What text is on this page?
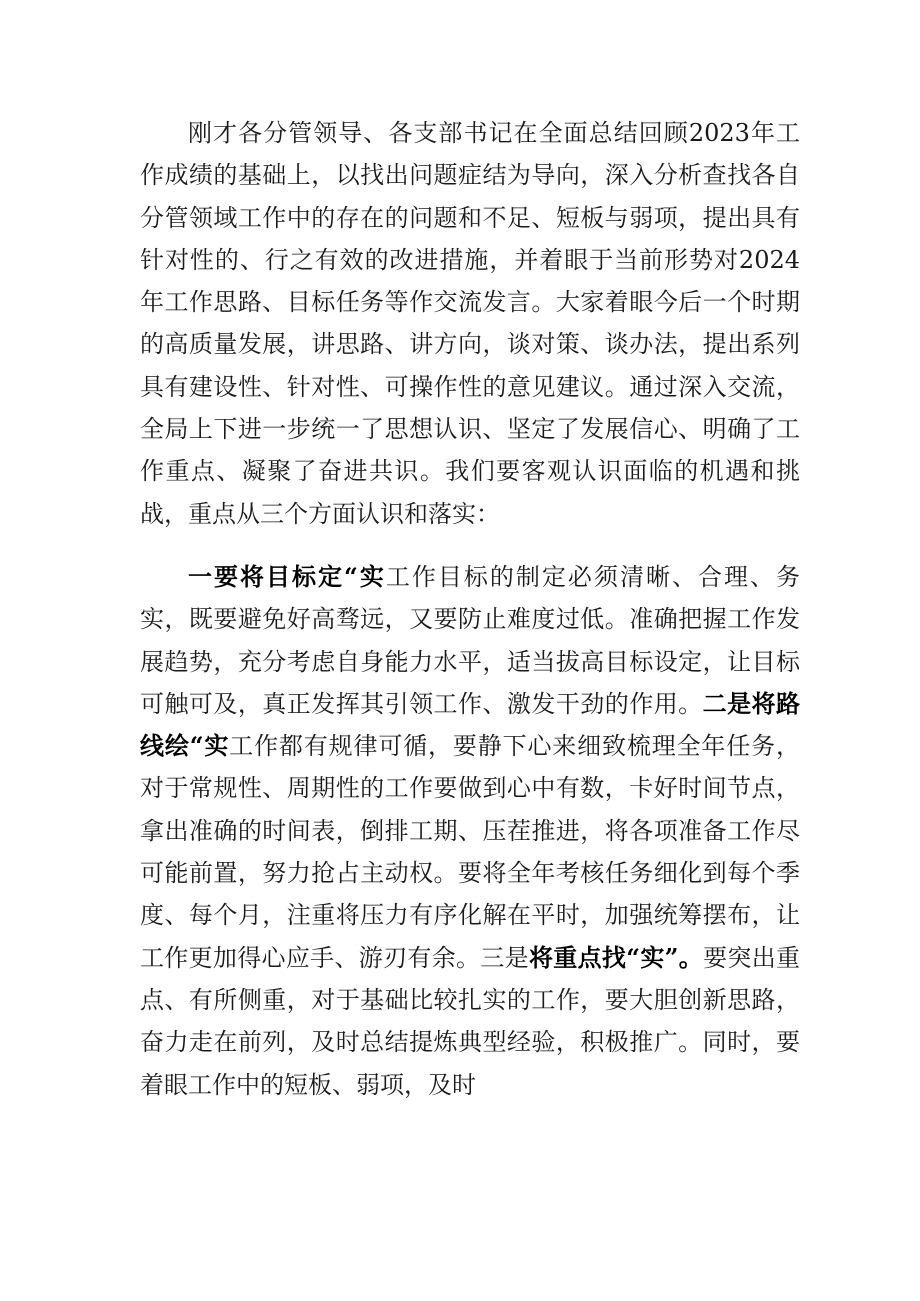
刚才各分管领导、各支部书记在全面总结回顾2023年工作成绩的基础上，以找出问题症结为导向，深入分析查找各自分管领域工作中的存在的问题和不足、短板与弱项，提出具有针对性的、行之有效的改进措施，并着眼于当前形势对2024年工作思路、目标任务等作交流发言。大家着眼今后一个时期的高质量发展，讲思路、讲方向，谈对策、谈办法，提出系列具有建设性、针对性、可操作性的意见建议。通过深入交流，全局上下进一步统一了思想认识、坚定了发展信心、明确了工作重点、凝聚了奋进共识。我们要客观认识面临的机遇和挑战，重点从三个方面认识和落实：

一要将目标定“实工作目标的制定必须清晰、合理、务实，既要避免好高骛远，又要防止难度过低。准确把握工作发展趋势，充分考虑自身能力水平，适当拔高目标设定，让目标可触可及，真正发挥其引领工作、激发干劲的作用。二是将路线绘“实工作都有规律可循，要静下心来细致梳理全年任务，对于常规性、周期性的工作要做到心中有数，卡好时间节点，拿出准确的时间表，倒排工期、压茬推进，将各项准备工作尽可能前置，努力抢占主动权。要将全年考核任务细化到每个季度、每个月，注重将压力有序化解在平时，加强统筹摆布，让工作更加得心应手、游刃有余。三是将重点找“实”。要突出重点、有所侧重，对于基础比较扎实的工作，要大胆创新思路，奋力走在前列，及时总结提炼典型经验，积极推广。同时，要着眼工作中的短板、弱项，及时
